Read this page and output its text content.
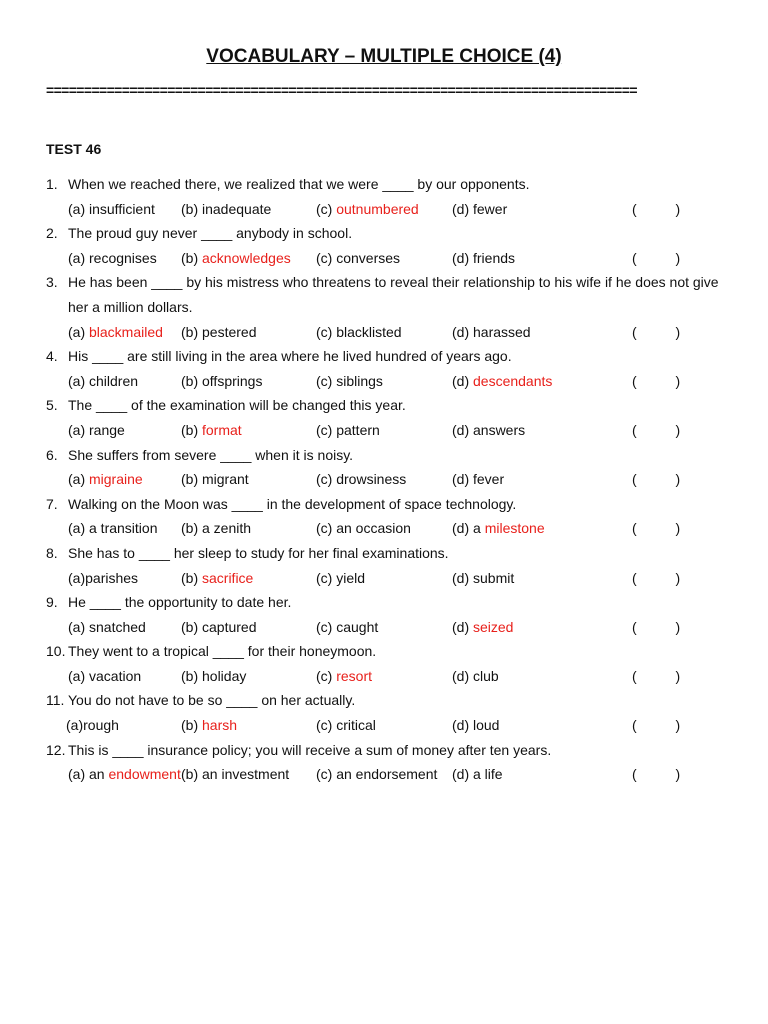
VOCABULARY – MULTIPLE CHOICE (4)
==============================================================================
TEST 46
1. When we reached there, we realized that we were ____ by our opponents.
(a) insufficient (b) inadequate	(c) outnumbered (d) fewer	(          )
2. The proud guy never ____ anybody in school.
(a) recognises (b) acknowledges (c) converses	(d) friends	(          )
3. He has been ____ by his mistress who threatens to reveal their relationship to his wife if he does not give
her a million dollars.
(a) blackmailed (b) pestered	(c) blacklisted	(d) harassed	(          )
4. His ____ are still living in the area where he lived hundred of years ago.
(a) children	(b) offsprings	(c) siblings	(d) descendants	(          )
5. The ____ of the examination will be changed this year.
(a) range	(b) format	(c) pattern	(d) answers	(          )
6. She suffers from severe ____ when it is noisy.
(a) migraine	(b) migrant	(c) drowsiness	(d) fever	(          )
7. Walking on the Moon was ____ in the development of space technology.
(a) a transition (b) a zenith	(c) an occasion	(d) a milestone	(          )
8. She has to ____ her sleep to study for her final examinations.
(a)parishes	(b) sacrifice	(c) yield	(d) submit	(          )
9. He ____ the opportunity to date her.
(a) snatched	(b) captured	(c) caught	(d) seized	(          )
10. They went to a tropical ____ for their honeymoon.
(a) vacation	(b) holiday	(c) resort	(d) club	(          )
11. You do not have to be so ____ on her actually.
(a)rough	(b) harsh	(c) critical	(d) loud	(          )
12. This is ____ insurance policy; you will receive a sum of money after ten years.
(a) an endowment (b) an investment (c) an endorsement (d) a life	(          )
